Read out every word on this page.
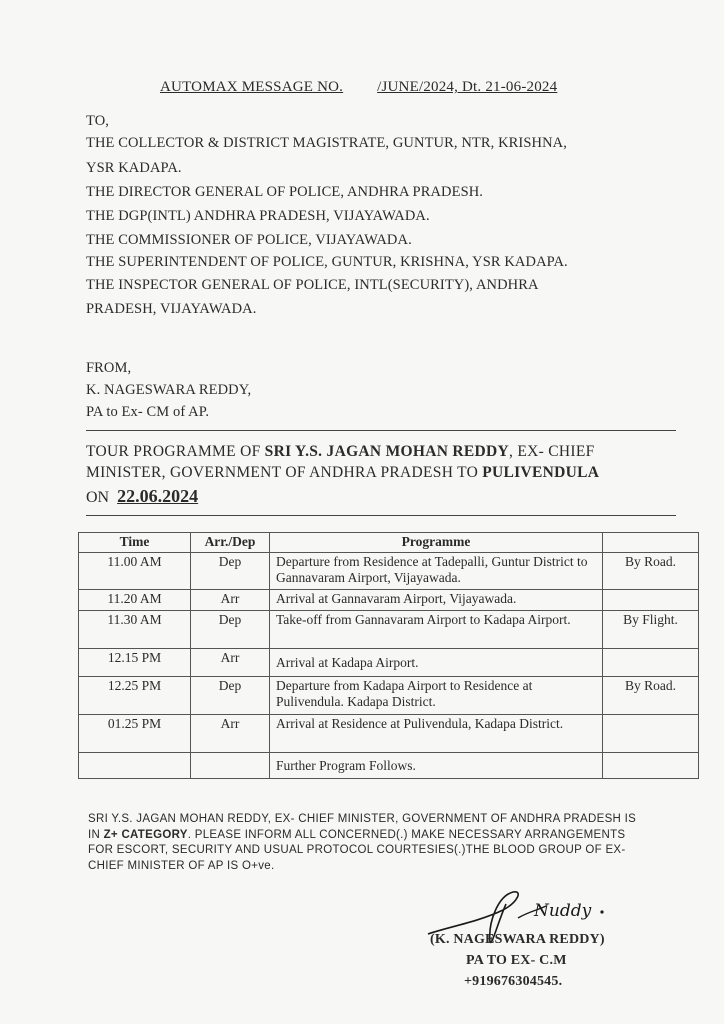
AUTOMAX MESSAGE NO. /JUNE/2024, Dt. 21-06-2024
TO,
THE COLLECTOR & DISTRICT MAGISTRATE, GUNTUR, NTR, KRISHNA,
YSR KADAPA.
THE DIRECTOR GENERAL OF POLICE, ANDHRA PRADESH.
THE DGP(INTL) ANDHRA PRADESH, VIJAYAWADA.
THE COMMISSIONER OF POLICE, VIJAYAWADA.
THE SUPERINTENDENT OF POLICE, GUNTUR, KRISHNA, YSR KADAPA.
THE INSPECTOR GENERAL OF POLICE, INTL(SECURITY), ANDHRA
PRADESH, VIJAYAWADA.
FROM,
K. NAGESWARA REDDY,
PA to Ex- CM of AP.
TOUR PROGRAMME OF SRI Y.S. JAGAN MOHAN REDDY, EX- CHIEF
MINISTER, GOVERNMENT OF ANDHRA PRADESH TO PULIVENDULA
ON 22.06.2024
Time	Arr./Dep	Programme	
11.00 AM	Dep	Departure from Residence at Tadepalli, Guntur District to Gannavaram Airport, Vijayawada.	By Road.
11.20 AM	Arr	Arrival at Gannavaram Airport, Vijayawada.	
11.30 AM	Dep	Take-off from Gannavaram Airport to Kadapa Airport.	By Flight.
12.15 PM	Arr	Arrival at Kadapa Airport.	
12.25 PM	Dep	Departure from Kadapa Airport to Residence at Pulivendula. Kadapa District.	By Road.
01.25 PM	Arr	Arrival at Residence at Pulivendula, Kadapa District.	
		Further Program Follows.	
SRI Y.S. JAGAN MOHAN REDDY, EX- CHIEF MINISTER, GOVERNMENT OF ANDHRA PRADESH IS IN Z+ CATEGORY. PLEASE INFORM ALL CONCERNED(.) MAKE NECESSARY ARRANGEMENTS FOR ESCORT, SECURITY AND USUAL PROTOCOL COURTESIES(.)THE BLOOD GROUP OF EX-CHIEF MINISTER OF AP IS O+ve.
Nuddy
(K. NAGESWARA REDDY)
PA TO EX- C.M
+919676304545.
